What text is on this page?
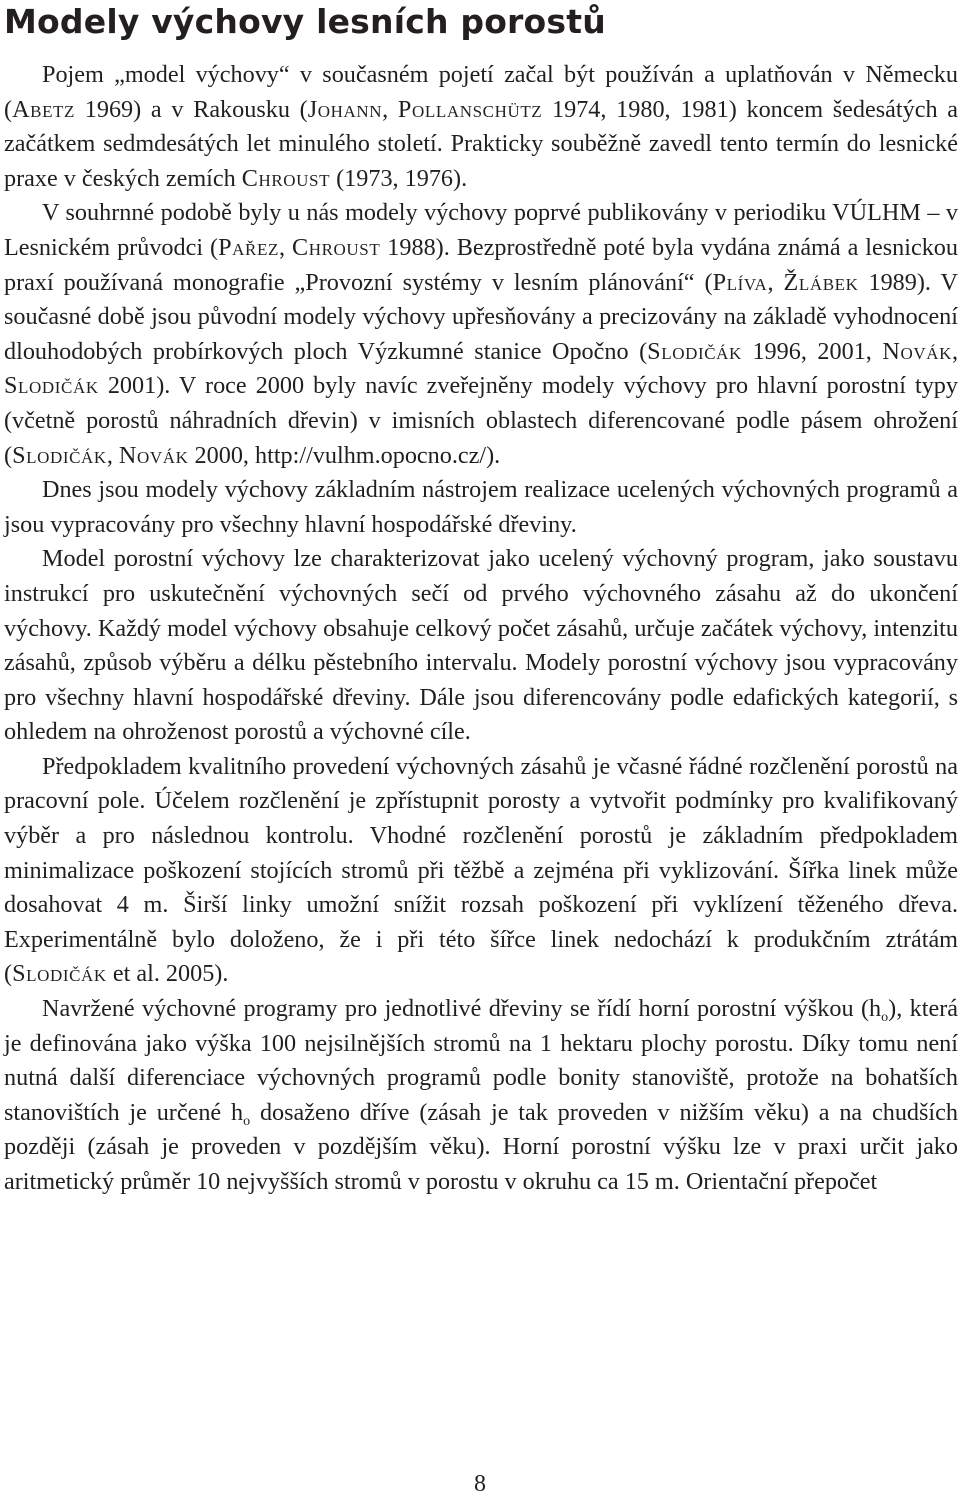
Modely výchovy lesních porostů

Pojem „model výchovy“ v současném pojetí začal být používán a uplatňován v Německu (Abetz 1969) a v Rakousku (Johann, Pollanschütz 1974, 1980, 1981) koncem šedesátých a začátkem sedmdesátých let minulého století. Prakticky souběžně zavedl tento termín do lesnické praxe v českých zemích Chroust (1973, 1976).

V souhrnné podobě byly u nás modely výchovy poprvé publikovány v periodiku VÚLHM – v Lesnickém průvodci (Pařez, Chroust 1988). Bezprostředně poté byla vydána známá a lesnickou praxí používaná monografie „Provozní systémy v lesním plánování“ (Plíva, Žlábek 1989). V současné době jsou původní modely výchovy upřesňovány a precizovány na základě vyhodnocení dlouhodobých probírkových ploch Výzkumné stanice Opočno (Slodičák 1996, 2001, Novák, Slodičák 2001). V roce 2000 byly navíc zveřejněny modely výchovy pro hlavní porostní typy (včetně porostů náhradních dřevin) v imisních oblastech diferencované podle pásem ohrožení (Slodičák, Novák 2000, http://vulhm.opocno.cz/).

Dnes jsou modely výchovy základním nástrojem realizace ucelených výchovných programů a jsou vypracovány pro všechny hlavní hospodářské dřeviny.

Model porostní výchovy lze charakterizovat jako ucelený výchovný program, jako soustavu instrukcí pro uskutečnění výchovných sečí od prvého výchovného zásahu až do ukončení výchovy. Každý model výchovy obsahuje celkový počet zásahů, určuje začátek výchovy, intenzitu zásahů, způsob výběru a délku pěstebního intervalu. Modely porostní výchovy jsou vypracovány pro všechny hlavní hospodářské dřeviny. Dále jsou diferencovány podle edafických kategorií, s ohledem na ohroženost porostů a výchovné cíle.

Předpokladem kvalitního provedení výchovných zásahů je včasné řádné rozčlenění porostů na pracovní pole. Účelem rozčlenění je zpřístupnit porosty a vytvořit podmínky pro kvalifikovaný výběr a pro následnou kontrolu. Vhodné rozčlenění porostů je základním předpokladem minimalizace poškození stojících stromů při těžbě a zejména při vyklizování. Šířka linek může dosahovat 4 m. Širší linky umožní snížit rozsah poškození při vyklízení těženého dřeva. Experimentálně bylo doloženo, že i při této šířce linek nedochází k produkčním ztrátám (Slodičák et al. 2005).

Navržené výchovné programy pro jednotlivé dřeviny se řídí horní porostní výškou $(h_o)$, která je definována jako výška 100 nejsilnějších stromů na 1 hektaru plochy porostu. Díky tomu není nutná další diferenciace výchovných programů podle bonity stanoviště, protože na bohatších stanovištích je určené $h_o$ dosaženo dříve (zásah je tak proveden v nižším věku) a na chudších později (zásah je proveden v pozdějším věku). Horní porostní výšku lze v praxi určit jako aritmetický průměr 10 nejvyšších stromů v porostu v okruhu ca 15 m. Orientační přepočet

8
